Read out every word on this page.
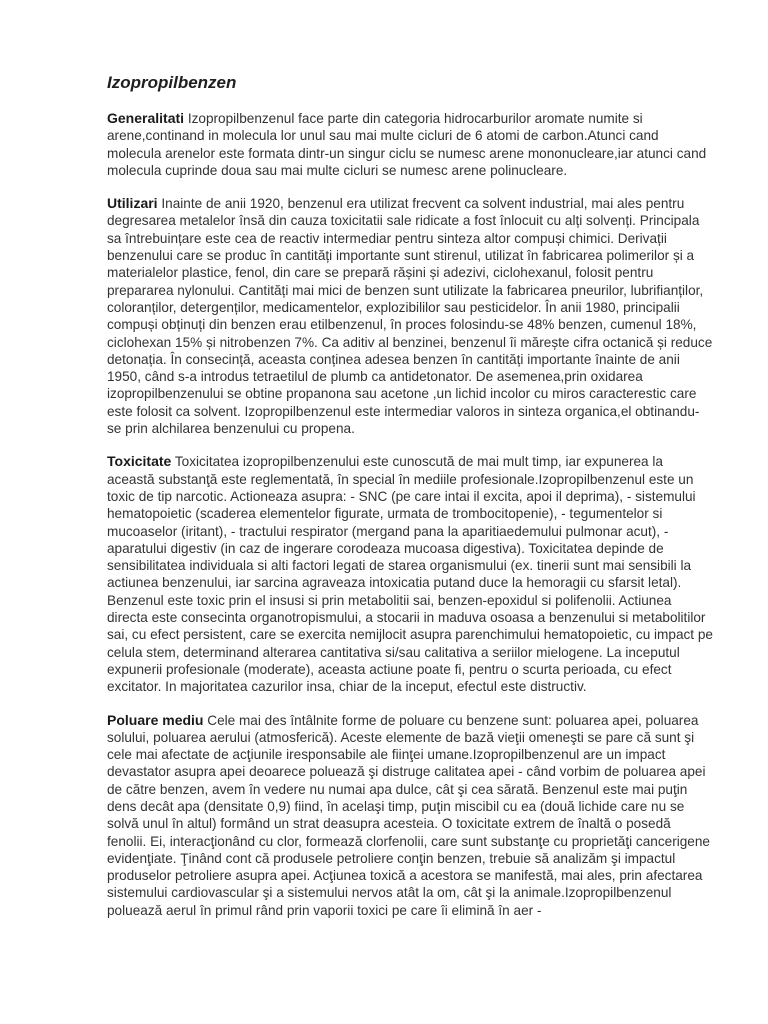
Izopropilbenzen

Generalitati Izopropilbenzenul face parte din categoria hidrocarburilor aromate numite si arene,continand in molecula lor unul sau mai multe cicluri de 6 atomi de carbon.Atunci cand molecula arenelor este formata dintr-un singur ciclu se numesc arene mononucleare,iar atunci cand molecula cuprinde doua sau mai multe cicluri se numesc arene polinucleare.

Utilizari Inainte de anii 1920, benzenul era utilizat frecvent ca solvent industrial, mai ales pentru degresarea metalelor însă din cauza toxicitatii sale ridicate a fost înlocuit cu alți solvenți. Principala sa întrebuințare este cea de reactiv intermediar pentru sinteza altor compuși chimici. Derivații benzenului care se produc în cantități importante sunt stirenul, utilizat în fabricarea polimerilor și a materialelor plastice, fenol, din care se prepară rășini și adezivi, ciclohexanul, folosit pentru prepararea nylonului. Cantități mai mici de benzen sunt utilizate la fabricarea pneurilor, lubrifianților, coloranților, detergenților, medicamentelor, explozibililor sau pesticidelor. În anii 1980, principalii compuși obținuți din benzen erau etilbenzenul, în proces folosindu-se 48% benzen, cumenul 18%, ciclohexan 15% și nitrobenzen 7%. Ca aditiv al benzinei, benzenul îi mărește cifra octanică și reduce detonația. În consecință, aceasta conținea adesea benzen în cantități importante înainte de anii 1950, când s-a introdus tetraetilul de plumb ca antidetonator. De asemenea,prin oxidarea izopropilbenzenului se obtine propanona sau acetone ,un lichid incolor cu miros caracterestic care este folosit ca solvent. Izopropilbenzenul este intermediar valoros in sinteza organica,el obtinandu-se prin alchilarea benzenului cu propena.

Toxicitate Toxicitatea izopropilbenzenului este cunoscută de mai mult timp, iar expunerea la această substanţă este reglementată, în special în mediile profesionale.Izopropilbenzenul este un toxic de tip narcotic. Actioneaza asupra: - SNC (pe care intai il excita, apoi il deprima), - sistemului hematopoietic (scaderea elementelor figurate, urmata de trombocitopenie), - tegumentelor si mucoaselor (iritant), - tractului respirator (mergand pana la aparitiaedemului pulmonar acut), - aparatului digestiv (in caz de ingerare corodeaza mucoasa digestiva). Toxicitatea depinde de sensibilitatea individuala si alti factori legati de starea organismului (ex. tinerii sunt mai sensibili la actiunea benzenului, iar sarcina agraveaza intoxicatia putand duce la hemoragii cu sfarsit letal). Benzenul este toxic prin el insusi si prin metabolitii sai, benzen-epoxidul si polifenolii. Actiunea directa este consecinta organotropismului, a stocarii in maduva osoasa a benzenului si metabolitilor sai, cu efect persistent, care se exercita nemijlocit asupra parenchimului hematopoietic, cu impact pe celula stem, determinand alterarea cantitativa si/sau calitativa a seriilor mielogene. La inceputul expunerii profesionale (moderate), aceasta actiune poate fi, pentru o scurta perioada, cu efect excitator. In majoritatea cazurilor insa, chiar de la inceput, efectul este distructiv.

Poluare mediu Cele mai des întâlnite forme de poluare cu benzene sunt: poluarea apei, poluarea solului, poluarea aerului (atmosferică). Aceste elemente de bază vieţii omeneşti se pare că sunt şi cele mai afectate de acţiunile iresponsabile ale fiinţei umane.Izopropilbenzenul are un impact devastator asupra apei deoarece poluează şi distruge calitatea apei - când vorbim de poluarea apei de către benzen, avem în vedere nu numai apa dulce, cât şi cea sărată. Benzenul este mai puţin dens decât apa (densitate 0,9) fiind, în acelaşi timp, puţin miscibil cu ea (două lichide care nu se solvă unul în altul) formând un strat deasupra acesteia. O toxicitate extrem de înaltă o posedă fenolii. Ei, interacţionând cu clor, formează clorfenolii, care sunt substanţe cu proprietăţi cancerigene evidenţiate. Ţinând cont că produsele petroliere conţin benzen, trebuie să analizăm şi impactul produselor petroliere asupra apei. Acţiunea toxică a acestora se manifestă, mai ales, prin afectarea sistemului cardiovascular şi a sistemului nervos atât la om, cât şi la animale.Izopropilbenzenul poluează aerul în primul rând prin vaporii toxici pe care îi elimină în aer -
